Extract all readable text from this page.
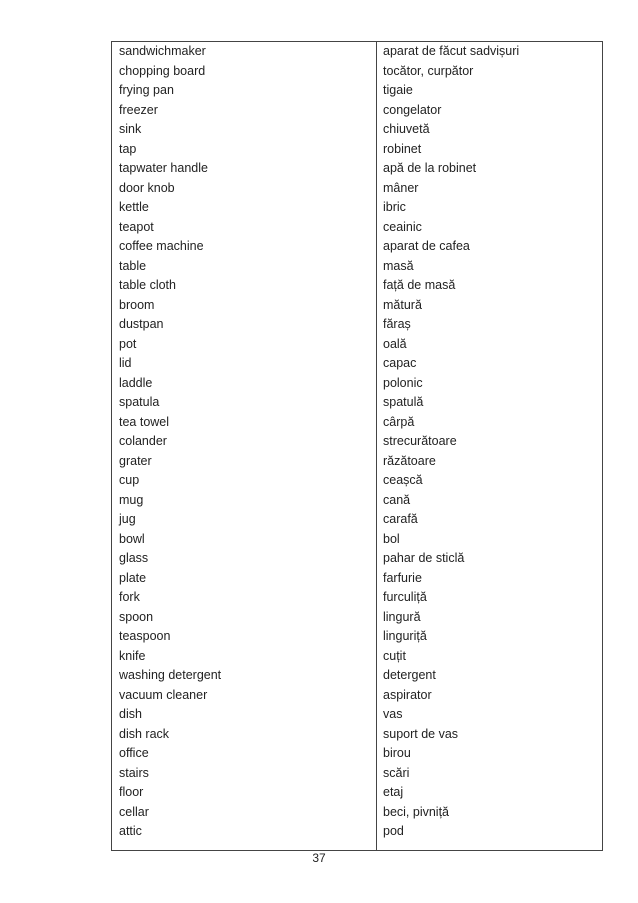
sandwichmaker
chopping board
frying pan
freezer
sink
tap
tapwater handle
door knob
kettle
teapot
coffee machine
table
table cloth
broom
dustpan
pot
lid
laddle
spatula
tea towel
colander
grater
cup
mug
jug
bowl
glass
plate
fork
spoon
teaspoon
knife
washing detergent
vacuum cleaner
dish
dish rack
office
stairs
floor
cellar
attic
aparat de făcut sadvișuri
tocător, curpător
tigaie
congelator
chiuvetă
robinet
apă de la robinet
mâner
ibric
ceainic
aparat de cafea
masă
față de masă
mătură
făraș
oală
capac
polonic
spatulă
cârpă
strecurătoare
răzătoare
ceașcă
cană
carafă
bol
pahar de sticlă
farfurie
furculiță
lingură
linguriță
cuțit
detergent
aspirator
vas
suport de vas
birou
scări
etaj
beci, pivniță
pod
37
